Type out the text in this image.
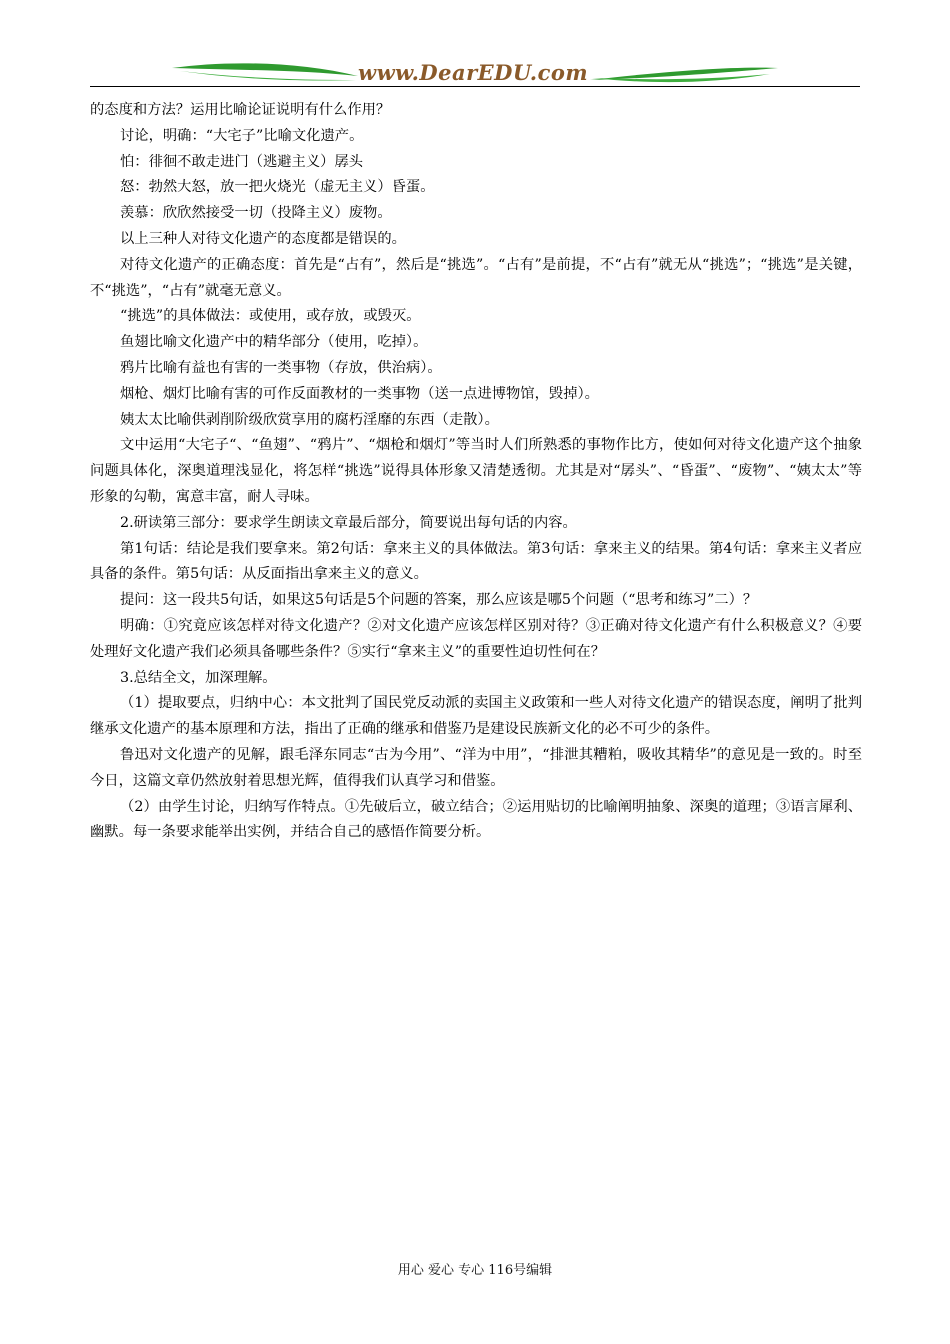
www.DearEDU.com

的态度和方法？运用比喻论证说明有什么作用？

讨论，明确：“大宅子”比喻文化遗产。

怕：徘徊不敢走进门（逃避主义）孱头

怒：勃然大怒，放一把火烧光（虚无主义）昏蛋。

羡慕：欣欣然接受一切（投降主义）废物。

以上三种人对待文化遗产的态度都是错误的。

对待文化遗产的正确态度：首先是“占有”，然后是“挑选”。“占有”是前提，不“占有”就无从“挑选”；“挑选”是关键，不“挑选”，“占有”就毫无意义。

“挑选”的具体做法：或使用，或存放，或毁灭。

鱼翅比喻文化遗产中的精华部分（使用，吃掉）。

鸦片比喻有益也有害的一类事物（存放，供治病）。

烟枪、烟灯比喻有害的可作反面教材的一类事物（送一点进博物馆，毁掉）。

姨太太比喻供剥削阶级欣赏享用的腐朽淫靡的东西（走散）。

文中运用“大宅子“、“鱼翅”、“鸦片”、“烟枪和烟灯”等当时人们所熟悉的事物作比方，使如何对待文化遗产这个抽象问题具体化，深奥道理浅显化，将怎样“挑选”说得具体形象又清楚透彻。尤其是对“孱头”、“昏蛋”、“废物”、“姨太太”等形象的勾勒，寓意丰富，耐人寻味。

2.研读第三部分：要求学生朗读文章最后部分，简要说出每句话的内容。

第1句话：结论是我们要拿来。第2句话：拿来主义的具体做法。第3句话：拿来主义的结果。第4句话：拿来主义者应具备的条件。第5句话：从反面指出拿来主义的意义。

提问：这一段共5句话，如果这5句话是5个问题的答案，那么应该是哪5个问题（“思考和练习”二）？

明确：①究竟应该怎样对待文化遗产？②对文化遗产应该怎样区别对待？③正确对待文化遗产有什么积极意义？④要处理好文化遗产我们必须具备哪些条件？⑤实行“拿来主义”的重要性迫切性何在？

3.总结全文，加深理解。

（1）提取要点，归纳中心：本文批判了国民党反动派的卖国主义政策和一些人对待文化遗产的错误态度，阐明了批判继承文化遗产的基本原理和方法，指出了正确的继承和借鉴乃是建设民族新文化的必不可少的条件。

鲁迅对文化遗产的见解，跟毛泽东同志“古为今用”、“洋为中用”，“排泄其糟粕，吸收其精华”的意见是一致的。时至今日，这篇文章仍然放射着思想光辉，值得我们认真学习和借鉴。

（2）由学生讨论，归纳写作特点。①先破后立，破立结合；②运用贴切的比喻阐明抽象、深奥的道理；③语言犀利、幽默。每一条要求能举出实例，并结合自己的感悟作简要分析。

用心 爱心 专心 116号编辑
